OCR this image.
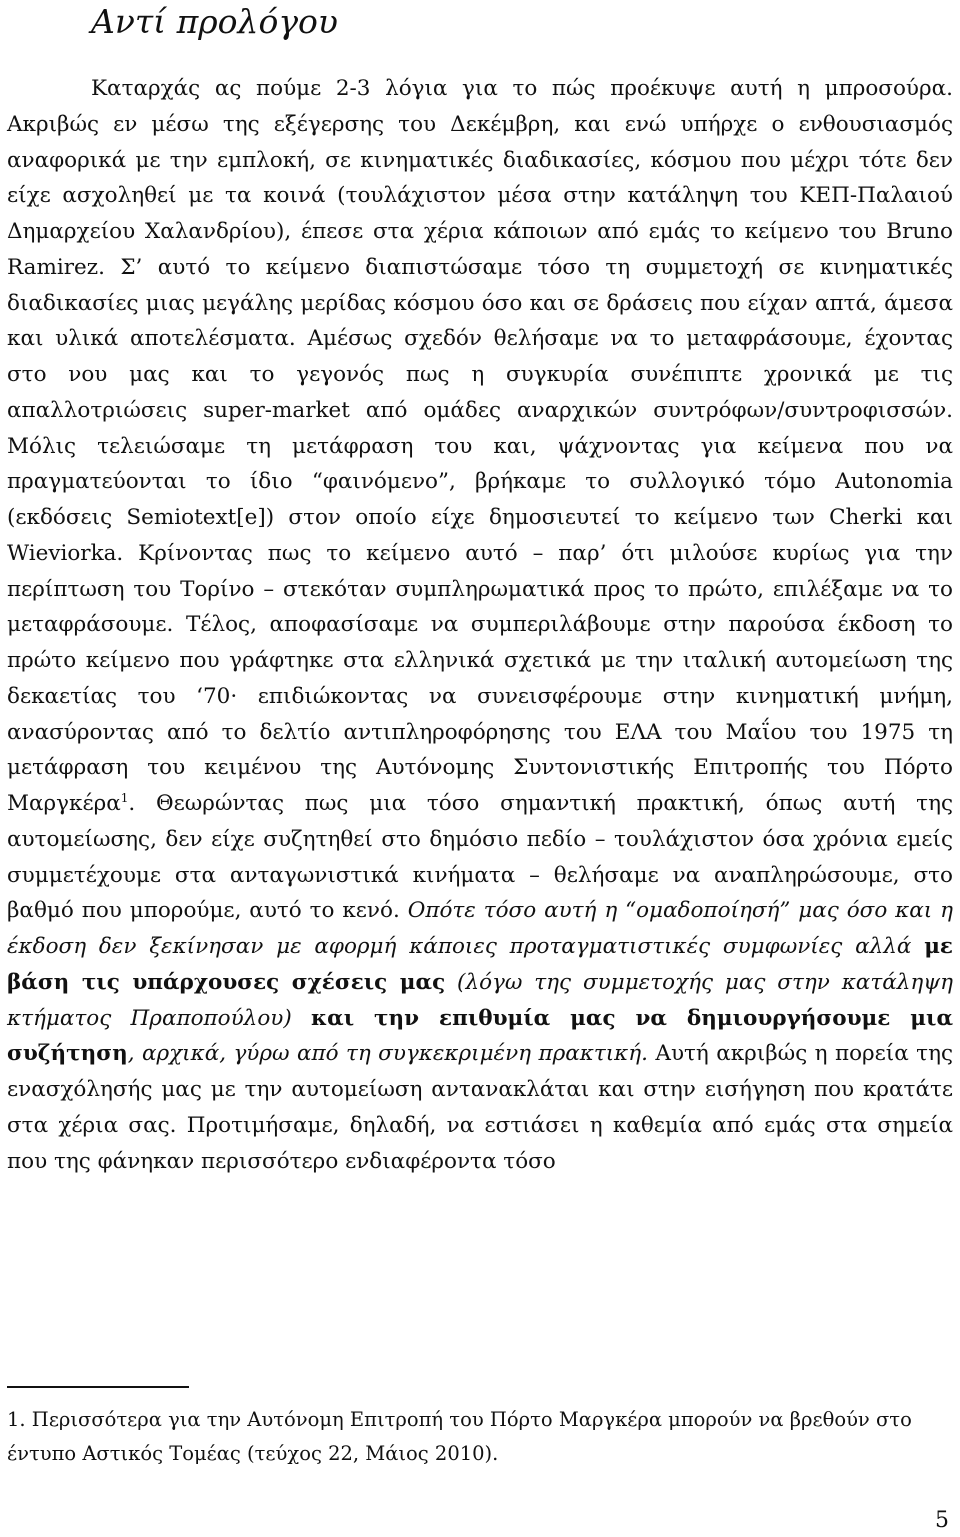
Αντί προλόγου

Καταρχάς ας πούμε 2-3 λόγια για το πώς προέκυψε αυτή η μπροσούρα. Ακριβώς εν μέσω της εξέγερσης του Δεκέμβρη, και ενώ υπήρχε ο ενθουσιασμός αναφορικά με την εμπλοκή, σε κινηματικές διαδικασίες, κόσμου που μέχρι τότε δεν είχε ασχοληθεί με τα κοινά (τουλάχιστον μέσα στην κατάληψη του ΚΕΠ-Παλαιού Δημαρχείου Χαλανδρίου), έπεσε στα χέρια κάποιων από εμάς το κείμενο του Bruno Ramirez. Σ’ αυτό το κείμενο διαπιστώσαμε τόσο τη συμμετοχή σε κινηματικές διαδικασίες μιας μεγάλης μερίδας κόσμου όσο και σε δράσεις που είχαν απτά, άμεσα και υλικά αποτελέσματα. Αμέσως σχεδόν θελήσαμε να το μεταφράσουμε, έχοντας στο νου μας και το γεγονός πως η συγκυρία συνέπιπτε χρονικά με τις απαλλοτριώσεις super-market από ομάδες αναρχικών συντρόφων/συντροφισσών. Μόλις τελειώσαμε τη μετάφραση του και, ψάχνοντας για κείμενα που να πραγματεύονται το ίδιο “φαινόμενο”, βρήκαμε το συλλογικό τόμο Autonomia (εκδόσεις Semiotext[e]) στον οποίο είχε δημοσιευτεί το κείμενο των Cherki και Wieviorka. Κρίνοντας πως το κείμενο αυτό – παρ’ ότι μιλούσε κυρίως για την περίπτωση του Τορίνο – στεκόταν συμπληρωματικά προς το πρώτο, επιλέξαμε να το μεταφράσουμε. Τέλος, αποφασίσαμε να συμπεριλάβουμε στην παρούσα έκδοση το πρώτο κείμενο που γράφτηκε στα ελληνικά σχετικά με την ιταλική αυτομείωση της δεκαετίας του ‘70· επιδιώκοντας να συνεισφέρουμε στην κινηματική μνήμη, ανασύροντας από το δελτίο αντιπληροφόρησης του ΕΛΑ του Μαΐου του 1975 τη μετάφραση του κειμένου της Αυτόνομης Συντονιστικής Επιτροπής του Πόρτο Μαργκέρα$^1$. Θεωρώντας πως μια τόσο σημαντική πρακτική, όπως αυτή της αυτομείωσης, δεν είχε συζητηθεί στο δημόσιο πεδίο – τουλάχιστον όσα χρόνια εμείς συμμετέχουμε στα ανταγωνιστικά κινήματα – θελήσαμε να αναπληρώσουμε, στο βαθμό που μπορούμε, αυτό το κενό. Οπότε τόσο αυτή η “ομαδοποίησή” μας όσο και η έκδοση δεν ξεκίνησαν με αφορμή κάποιες προταγματιστικές συμφωνίες αλλά με βάση τις υπάρχουσες σχέσεις μας (λόγω της συμμετοχής μας στην κατάληψη κτήματος Πραποπούλου) και την επιθυμία μας να δημιουργήσουμε μια συζήτηση, αρχικά, γύρω από τη συγκεκριμένη πρακτική. Αυτή ακριβώς η πορεία της ενασχόλησής μας με την αυτομείωση αντανακλάται και στην εισήγηση που κρατάτε στα χέρια σας. Προτιμήσαμε, δηλαδή, να εστιάσει η καθεμία από εμάς στα σημεία που της φάνηκαν περισσότερο ενδιαφέροντα τόσο

1. Περισσότερα για την Αυτόνομη Επιτροπή του Πόρτο Μαργκέρα μπορούν να βρεθούν στο έντυπο Αστικός Τομέας (τεύχος 22, Μάιος 2010).

5
